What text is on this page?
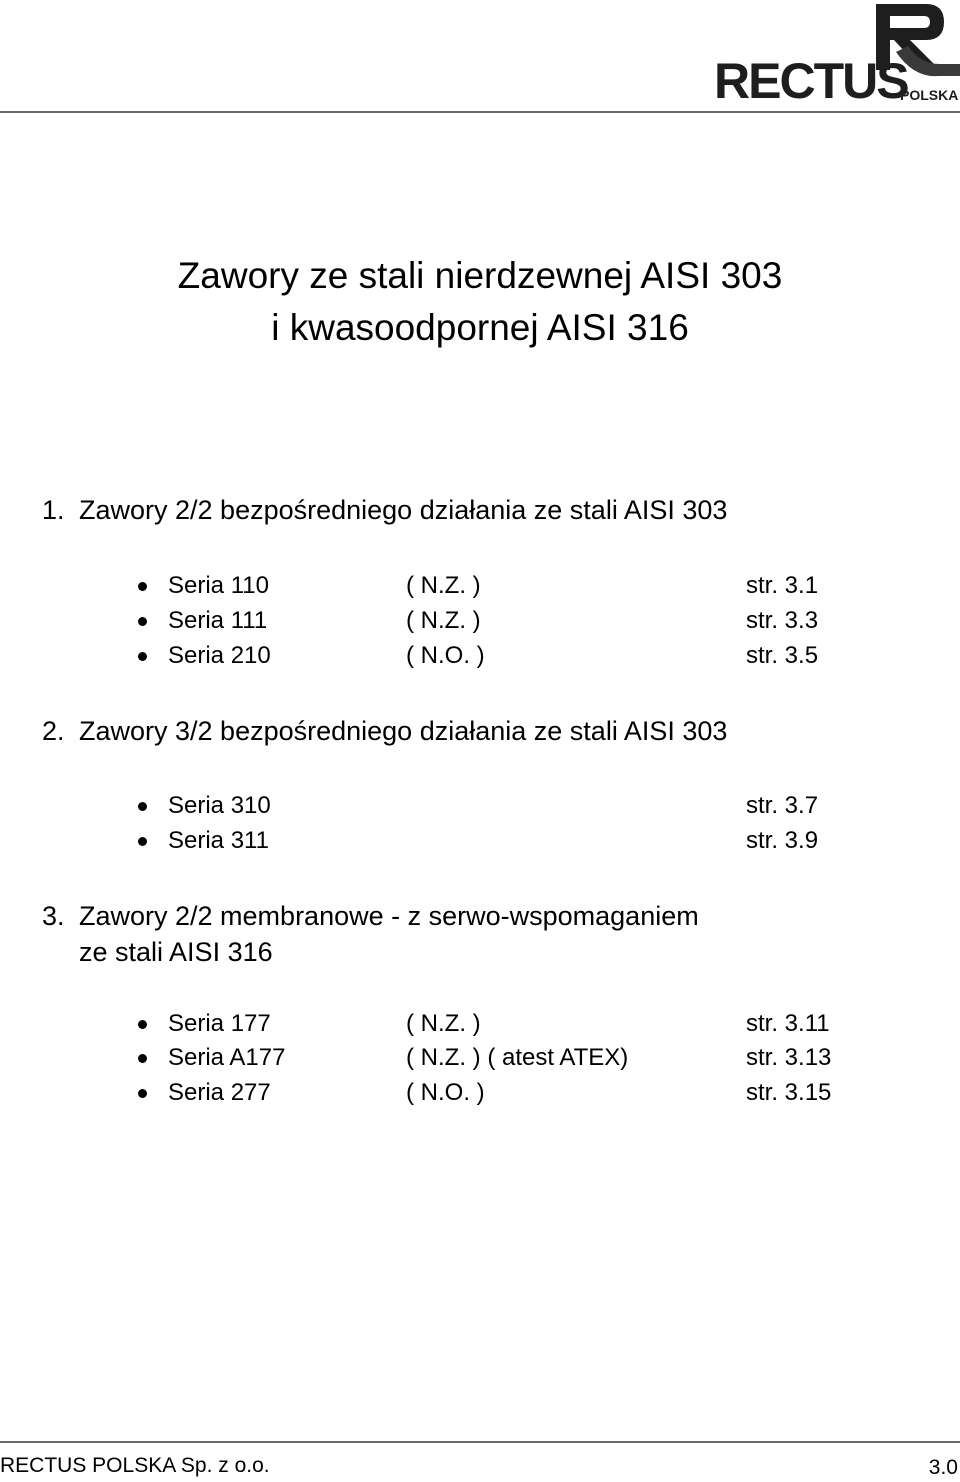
RECTUS
POLSKA
Zawory ze stali nierdzewnej AISI 303
i kwasoodpornej AISI 316
1. Zawory 2/2 bezpośredniego działania ze stali AISI 303
Seria 110	( N.Z. )	str. 3.1
Seria 111	( N.Z. )	str. 3.3
Seria 210	( N.O. )	str. 3.5
2. Zawory 3/2 bezpośredniego działania ze stali AISI 303
Seria 310	str. 3.7
Seria 311	str. 3.9
3. Zawory 2/2 membranowe - z serwo-wspomaganiem
ze stali AISI 316
Seria 177	( N.Z. )	str. 3.11
Seria A177	( N.Z. ) ( atest ATEX)	str. 3.13
Seria 277	( N.O. )	str. 3.15
RECTUS POLSKA Sp. z o.o.	3.0
